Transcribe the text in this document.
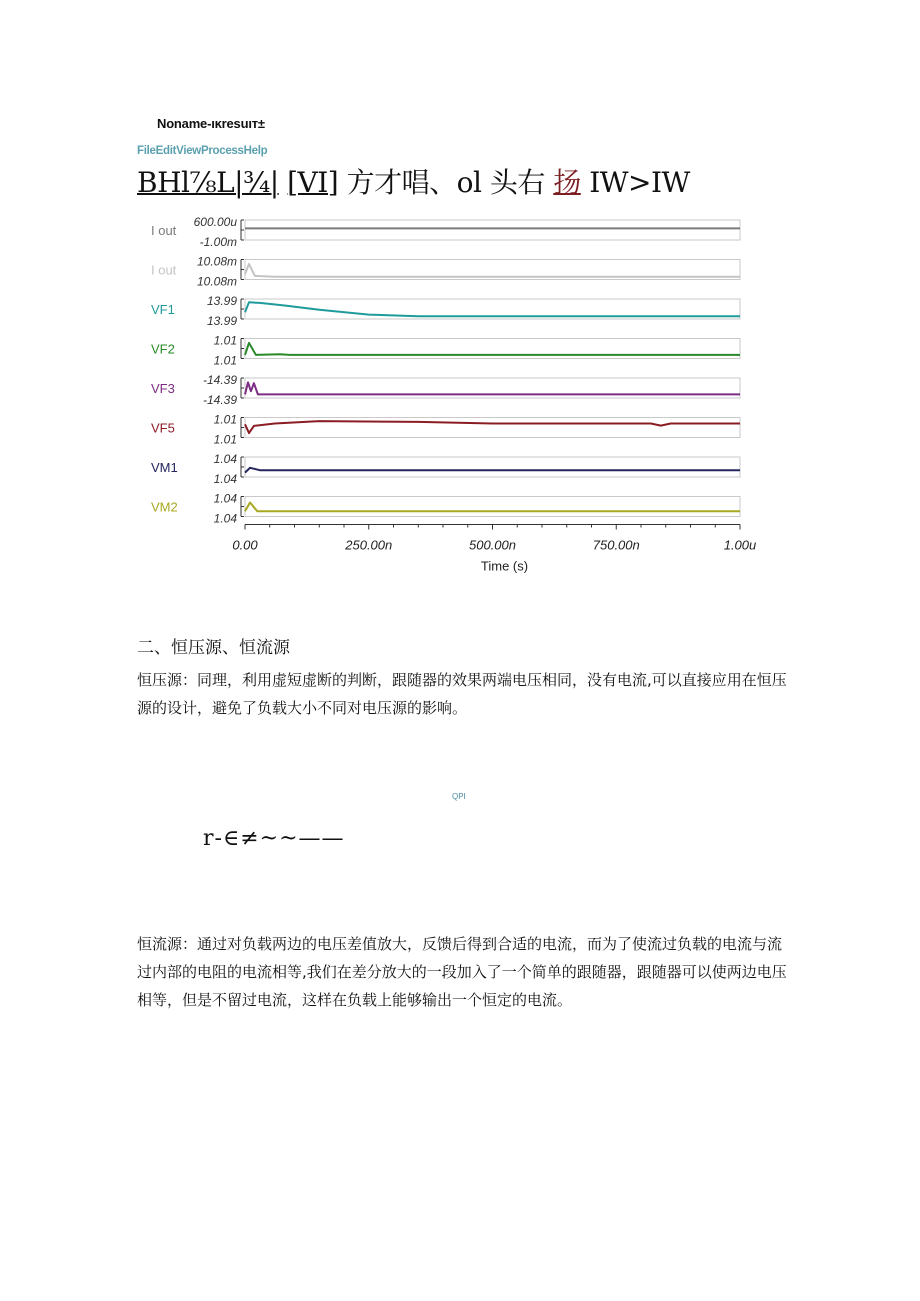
Noname-ıĸresuıт±
FileEditViewProcessHelp
BHl⅞L|¾| [VI] 方才唱、ol 头右 扬 IW>IW
I out
600.00u
-1.00m
I out
10.08m
10.08m
VF1
13.99
13.99
VF2
1.01
1.01
VF3
-14.39
-14.39
VF5
1.01
1.01
VM1
1.04
1.04
VM2
1.04
1.04
0.00	250.00n	500.00n	750.00n	1.00u
Time (s)
二、恒压源、恒流源
恒压源：同理，利用虚短虚断的判断，跟随器的效果两端电压相同，没有电流,可以直接应用在恒压源的设计，避免了负载大小不同对电压源的影响。
QPI
r-∈≠~~——
恒流源：通过对负载两边的电压差值放大，反馈后得到合适的电流，而为了使流过负载的电流与流过内部的电阻的电流相等,我们在差分放大的一段加入了一个简单的跟随器，跟随器可以使两边电压相等，但是不留过电流，这样在负载上能够输出一个恒定的电流。
